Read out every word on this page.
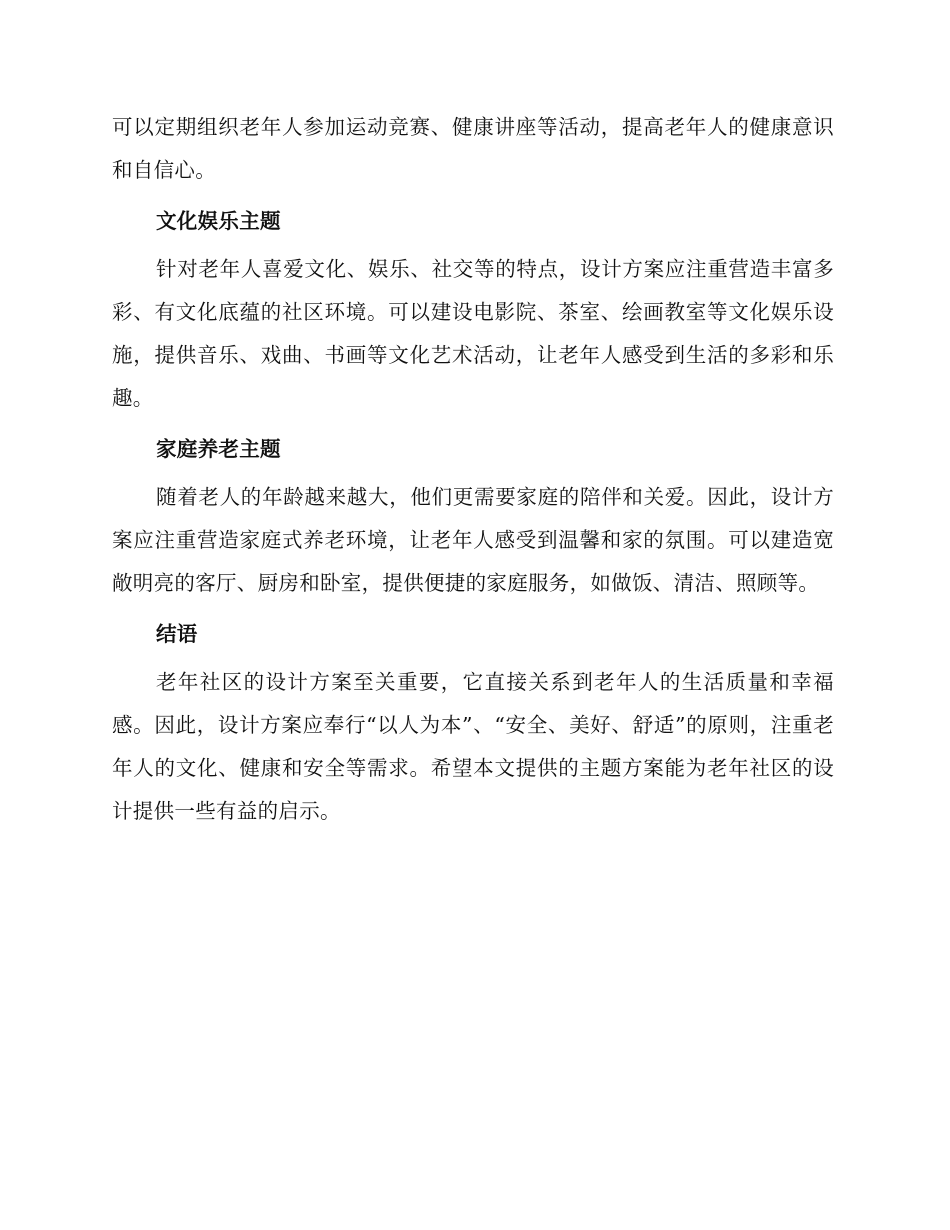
可以定期组织老年人参加运动竞赛、健康讲座等活动，提高老年人的健康意识和自信心。

文化娱乐主题

针对老年人喜爱文化、娱乐、社交等的特点，设计方案应注重营造丰富多彩、有文化底蕴的社区环境。可以建设电影院、茶室、绘画教室等文化娱乐设施，提供音乐、戏曲、书画等文化艺术活动，让老年人感受到生活的多彩和乐趣。

家庭养老主题

随着老人的年龄越来越大，他们更需要家庭的陪伴和关爱。因此，设计方案应注重营造家庭式养老环境，让老年人感受到温馨和家的氛围。可以建造宽敞明亮的客厅、厨房和卧室，提供便捷的家庭服务，如做饭、清洁、照顾等。

结语

老年社区的设计方案至关重要，它直接关系到老年人的生活质量和幸福感。因此，设计方案应奉行“以人为本”、“安全、美好、舒适”的原则，注重老年人的文化、健康和安全等需求。希望本文提供的主题方案能为老年社区的设计提供一些有益的启示。
